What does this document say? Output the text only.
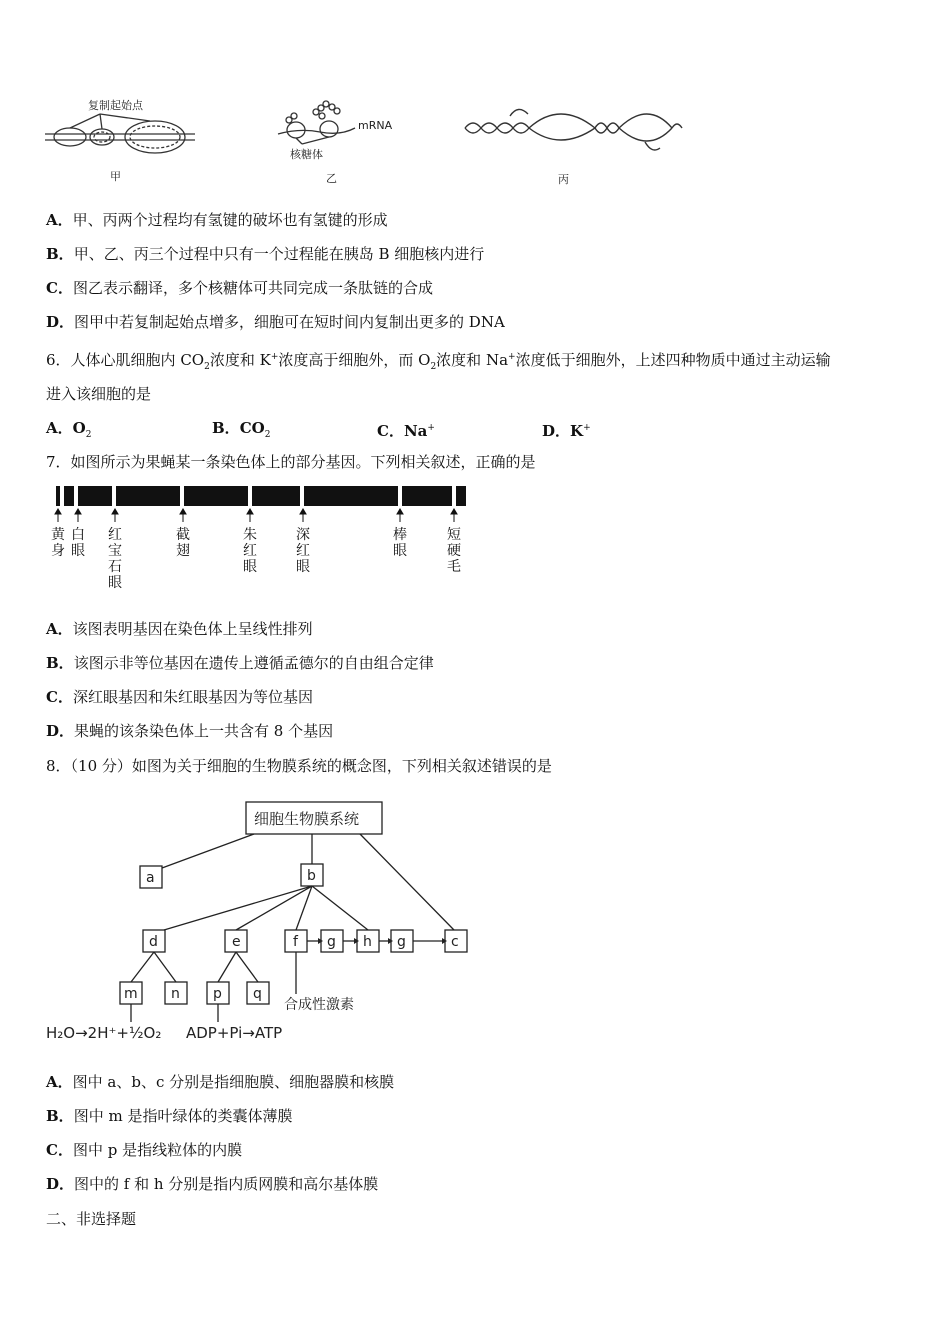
复制起始点
甲
mRNA
核糖体
乙	丙
A．甲、丙两个过程均有氢键的破坏也有氢键的形成
B．甲、乙、丙三个过程中只有一个过程能在胰岛 B 细胞核内进行
C．图乙表示翻译，多个核糖体可共同完成一条肽链的合成
D．图甲中若复制起始点增多，细胞可在短时间内复制出更多的 DNA
6．人体心肌细胞内 $CO_2$浓度和 K+浓度高于细胞外，而 $O_2$浓度和 Na+浓度低于细胞外，上述四种物质中通过主动运输
进入该细胞的是
A．$O_2$	B．$CO_2$	C．Na+	D．K+
7．如图所示为果蝇某一条染色体上的部分基因。下列相关叙述，正确的是
黄身
白眼
红宝石眼
截翅
朱红眼
深红眼
棒眼
短硬毛
A．该图表明基因在染色体上呈线性排列
B．该图示非等位基因在遗传上遵循孟德尔的自由组合定律
C．深红眼基因和朱红眼基因为等位基因
D．果蝇的该条染色体上一共含有 8 个基因
8．（10 分）如图为关于细胞的生物膜系统的概念图，下列相关叙述错误的是
细胞生物膜系统
a	b
d	e	f g h g	c
m n p q
合成性激素
H₂O→2H⁺+½O₂ ADP+Pi→ATP
A．图中 a、b、c 分别是指细胞膜、细胞器膜和核膜
B．图中 m 是指叶绿体的类囊体薄膜
C．图中 p 是指线粒体的内膜
D．图中的 f 和 h 分别是指内质网膜和高尔基体膜
二、非选择题
